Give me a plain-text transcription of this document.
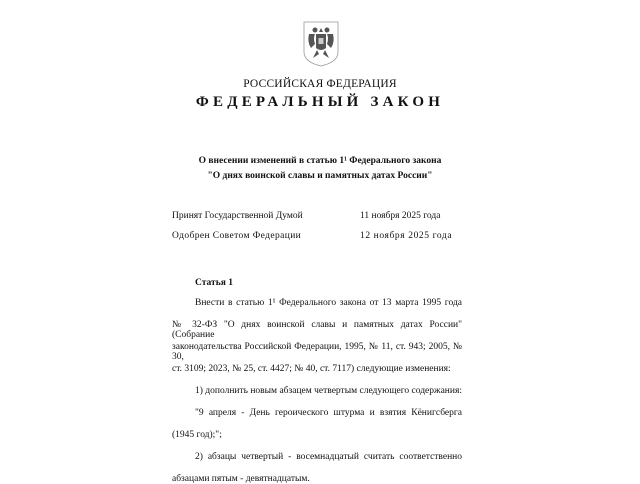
РОССИЙСКАЯ ФЕДЕРАЦИЯ
ФЕДЕРАЛЬНЫЙ ЗАКОН
О внесении изменений в статью 1¹ Федерального закона
"О днях воинской славы и памятных датах России"
Принят Государственной Думой	11 ноября 2025 года
Одобрен Советом Федерации	12 ноября 2025 года
Статья 1
Внести в статью 1¹ Федерального закона от 13 марта 1995 года
№ 32-ФЗ "О днях воинской славы и памятных датах России" (Собрание
законодательства Российской Федерации, 1995, № 11, ст. 943; 2005, № 30,
ст. 3109; 2023, № 25, ст. 4427; № 40, ст. 7117) следующие изменения:
1) дополнить новым абзацем четвертым следующего содержания:
"9 апреля - День героического штурма и взятия Кёнигсберга
(1945 год);";
2) абзацы четвертый - восемнадцатый считать соответственно
абзацами пятым - девятнадцатым.
